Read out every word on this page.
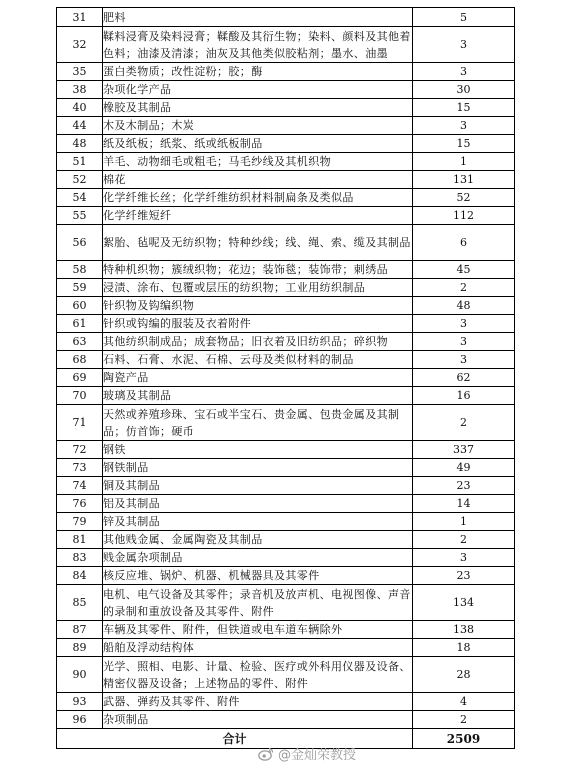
31	肥料	5
32	鞣料浸膏及染料浸膏；鞣酸及其衍生物；染料、颜料及其他着色料；油漆及清漆；油灰及其他类似胶粘剂；墨水、油墨	3
35	蛋白类物质；改性淀粉；胶；酶	3
38	杂项化学产品	30
40	橡胶及其制品	15
44	木及木制品；木炭	3
48	纸及纸板；纸浆、纸或纸板制品	15
51	羊毛、动物细毛或粗毛；马毛纱线及其机织物	1
52	棉花	131
54	化学纤维长丝；化学纤维纺织材料制扁条及类似品	52
55	化学纤维短纤	112
56	絮胎、毡呢及无纺织物；特种纱线；线、绳、索、缆及其制品	6
58	特种机织物；簇绒织物；花边；装饰毯；装饰带；刺绣品	45
59	浸渍、涂布、包覆或层压的纺织物；工业用纺织制品	2
60	针织物及钩编织物	48
61	针织或钩编的服装及衣着附件	3
63	其他纺织制成品；成套物品；旧衣着及旧纺织品；碎织物	3
68	石料、石膏、水泥、石棉、云母及类似材料的制品	3
69	陶瓷产品	62
70	玻璃及其制品	16
71	天然或养殖珍珠、宝石或半宝石、贵金属、包贵金属及其制品；仿首饰；硬币	2
72	钢铁	337
73	钢铁制品	49
74	铜及其制品	23
76	铝及其制品	14
79	锌及其制品	1
81	其他贱金属、金属陶瓷及其制品	2
83	贱金属杂项制品	3
84	核反应堆、锅炉、机器、机械器具及其零件	23
85	电机、电气设备及其零件；录音机及放声机、电视图像、声音的录制和重放设备及其零件、附件	134
87	车辆及其零件、附件，但铁道或电车道车辆除外	138
89	船舶及浮动结构体	18
90	光学、照相、电影、计量、检验、医疗或外科用仪器及设备、精密仪器及设备；上述物品的零件、附件	28
93	武器、弹药及其零件、附件	4
96	杂项制品	2
合计		2509
@金灿荣教授
